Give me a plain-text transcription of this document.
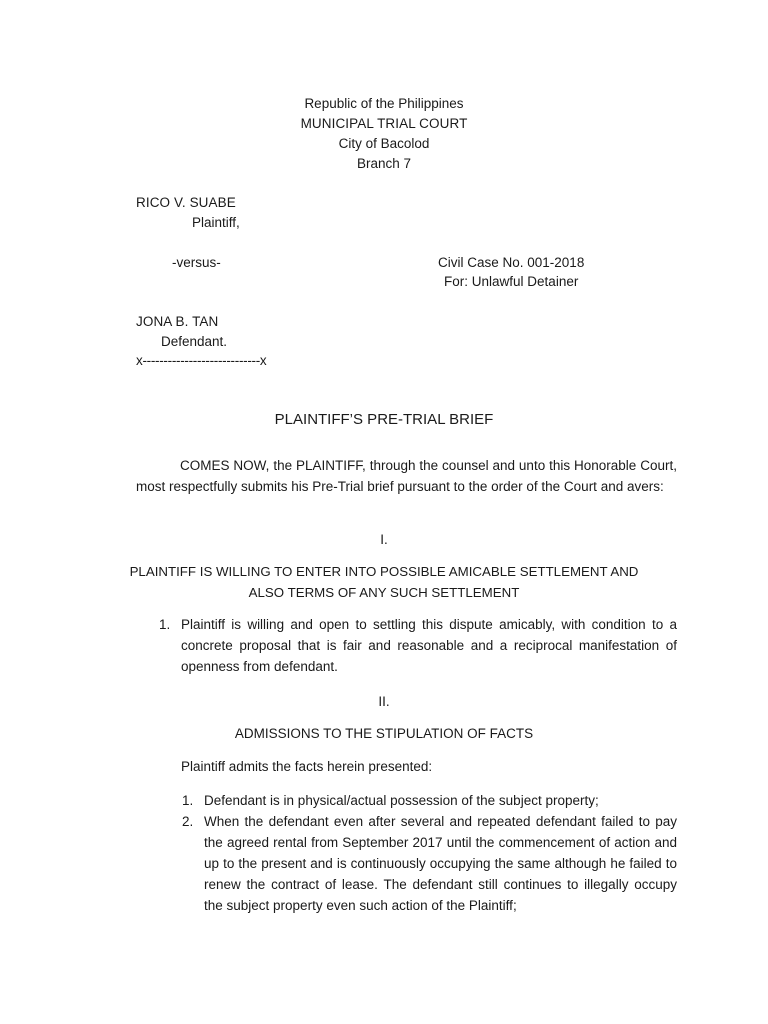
Republic of the Philippines
MUNICIPAL TRIAL COURT
City of Bacolod
Branch 7
RICO V. SUABE
Plaintiff,
-versus-	Civil Case No. 001-2018
For: Unlawful Detainer
JONA B. TAN
Defendant.
x----------------------------x
PLAINTIFF’S PRE-TRIAL BRIEF
COMES NOW, the PLAINTIFF, through the counsel and unto this Honorable Court, most respectfully submits his Pre-Trial brief pursuant to the order of the Court and avers:
I.
PLAINTIFF IS WILLING TO ENTER INTO POSSIBLE AMICABLE SETTLEMENT AND
ALSO TERMS OF ANY SUCH SETTLEMENT
1. Plaintiff is willing and open to settling this dispute amicably, with condition to a concrete proposal that is fair and reasonable and a reciprocal manifestation of openness from defendant.
II.
ADMISSIONS TO THE STIPULATION OF FACTS
Plaintiff admits the facts herein presented:
1. Defendant is in physical/actual possession of the subject property;
2. When the defendant even after several and repeated defendant failed to pay the agreed rental from September 2017 until the commencement of action and up to the present and is continuously occupying the same although he failed to renew the contract of lease. The defendant still continues to illegally occupy the subject property even such action of the Plaintiff;
